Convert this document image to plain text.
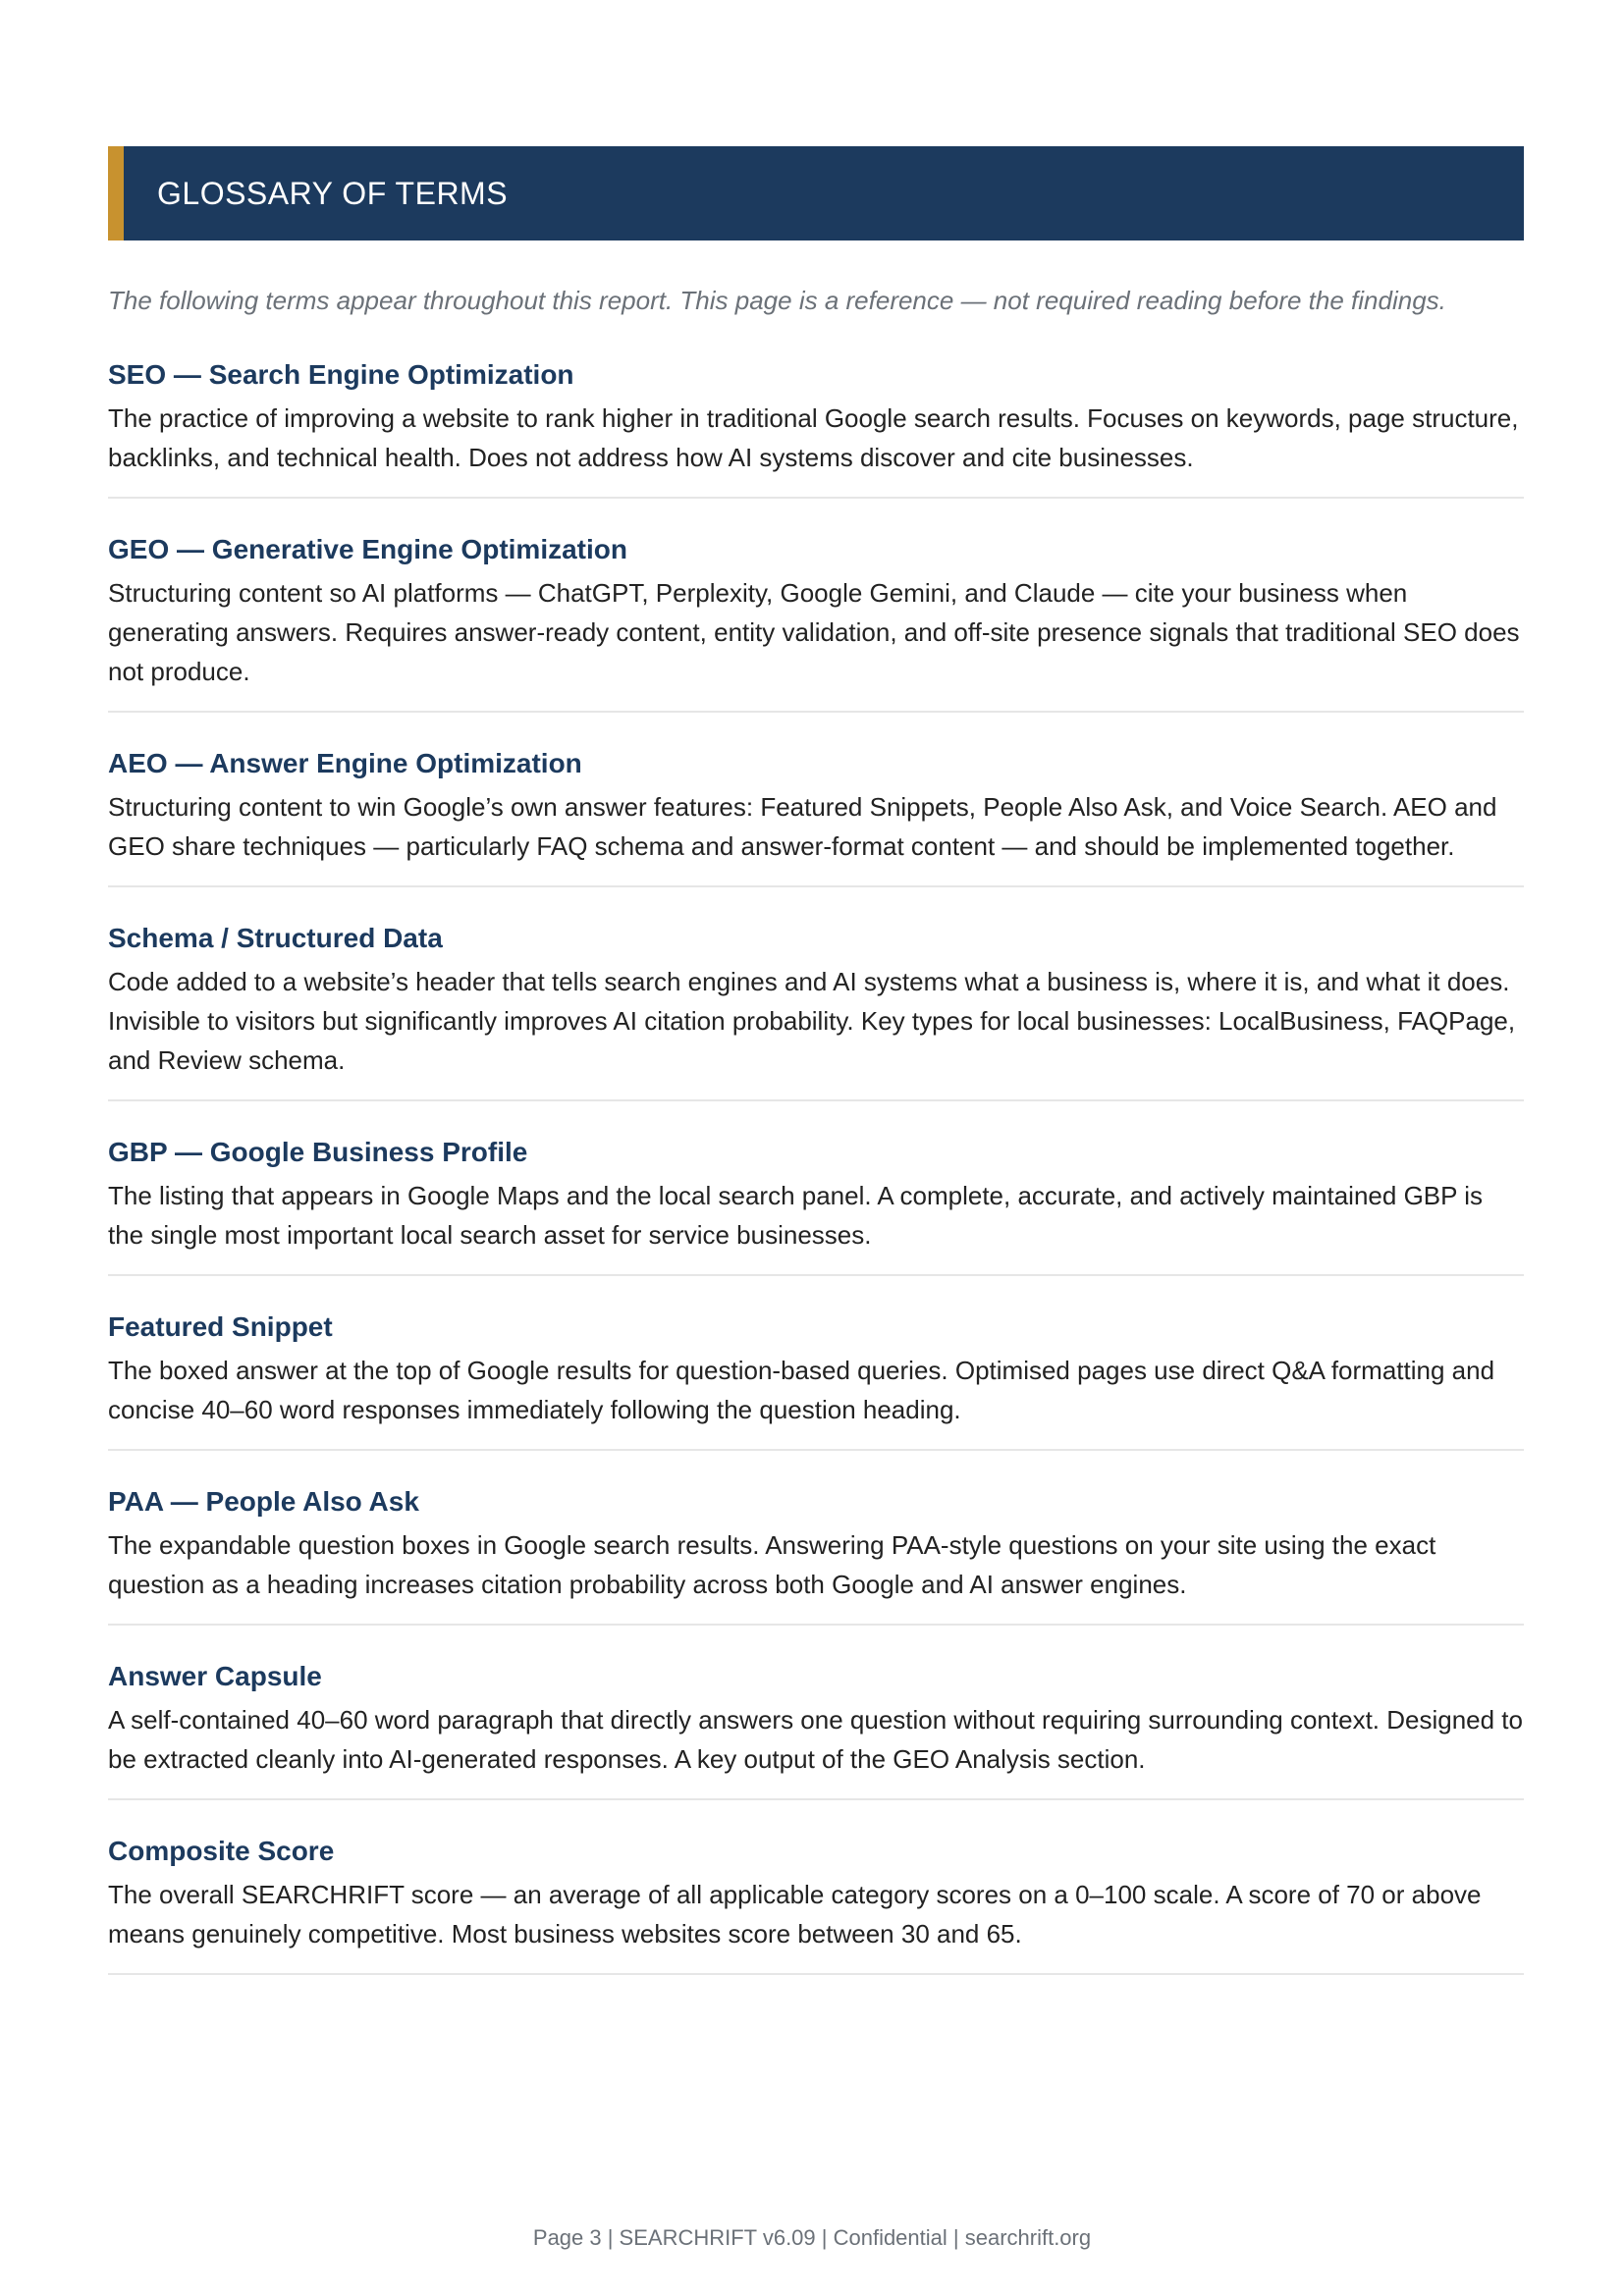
GLOSSARY OF TERMS

The following terms appear throughout this report. This page is a reference — not required reading before the findings.

SEO — Search Engine Optimization

The practice of improving a website to rank higher in traditional Google search results. Focuses on keywords, page structure, backlinks, and technical health. Does not address how AI systems discover and cite businesses.

GEO — Generative Engine Optimization

Structuring content so AI platforms — ChatGPT, Perplexity, Google Gemini, and Claude — cite your business when generating answers. Requires answer-ready content, entity validation, and off-site presence signals that traditional SEO does not produce.

AEO — Answer Engine Optimization

Structuring content to win Google’s own answer features: Featured Snippets, People Also Ask, and Voice Search. AEO and GEO share techniques — particularly FAQ schema and answer-format content — and should be implemented together.

Schema / Structured Data

Code added to a website’s header that tells search engines and AI systems what a business is, where it is, and what it does. Invisible to visitors but significantly improves AI citation probability. Key types for local businesses: LocalBusiness, FAQPage, and Review schema.

GBP — Google Business Profile

The listing that appears in Google Maps and the local search panel. A complete, accurate, and actively maintained GBP is the single most important local search asset for service businesses.

Featured Snippet

The boxed answer at the top of Google results for question-based queries. Optimised pages use direct Q&A formatting and concise 40–60 word responses immediately following the question heading.

PAA — People Also Ask

The expandable question boxes in Google search results. Answering PAA-style questions on your site using the exact question as a heading increases citation probability across both Google and AI answer engines.

Answer Capsule

A self-contained 40–60 word paragraph that directly answers one question without requiring surrounding context. Designed to be extracted cleanly into AI-generated responses. A key output of the GEO Analysis section.

Composite Score

The overall SEARCHRIFT score — an average of all applicable category scores on a 0–100 scale. A score of 70 or above means genuinely competitive. Most business websites score between 30 and 65.

Page 3 | SEARCHRIFT v6.09 | Confidential | searchrift.org
